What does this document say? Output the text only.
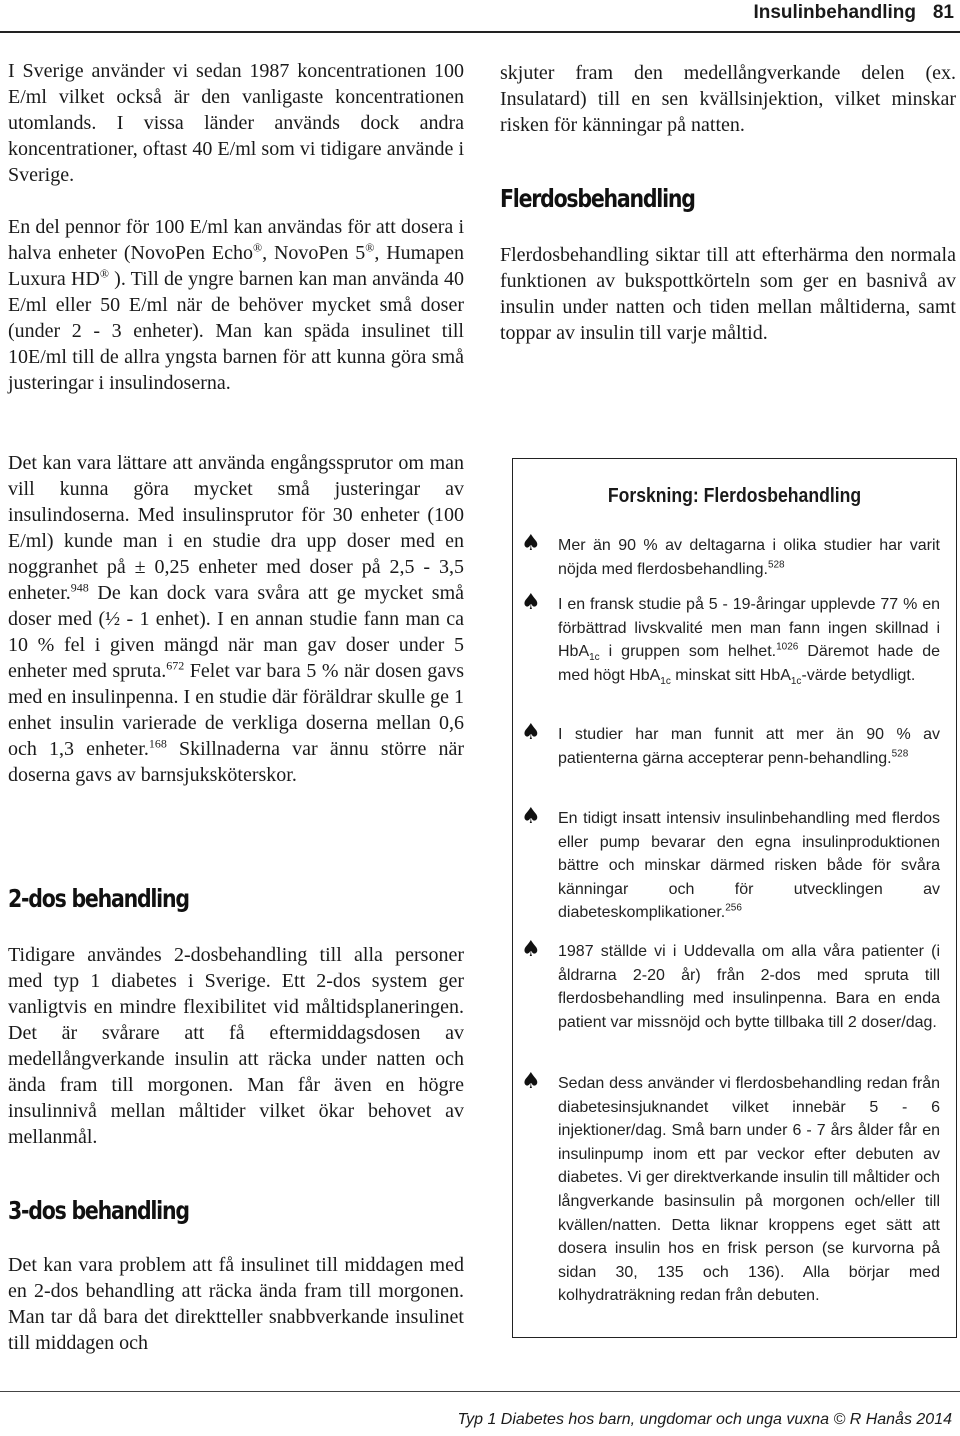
Insulinbehandling 81

I Sverige använder vi sedan 1987 koncentrationen 100 E/ml vilket också är den vanligaste koncentrationen utomlands. I vissa länder används dock andra koncentrationer, oftast 40 E/ml som vi tidigare använde i Sverige.

En del pennor för 100 E/ml kan användas för att dosera i halva enheter (NovoPen Echo®, NovoPen 5®, Humapen Luxura HD® ). Till de yngre barnen kan man använda 40 E/ml eller 50 E/ml när de behöver mycket små doser (under 2 - 3 enheter). Man kan späda insulinet till 10E/ml till de allra yngsta barnen för att kunna göra små justeringar i insulindoserna.

Det kan vara lättare att använda engångssprutor om man vill kunna göra mycket små justeringar av insulindoserna. Med insulinsprutor för 30 enheter (100 E/ml) kunde man i en studie dra upp doser med en noggranhet på ± 0,25 enheter med doser på 2,5 - 3,5 enheter.$^{948}$ De kan dock vara svåra att ge mycket små doser med (½ - 1 enhet). I en annan studie fann man ca 10 % fel i given mängd när man gav doser under 5 enheter med spruta.$^{672}$ Felet var bara 5 % när dosen gavs med en insulinpenna. I en studie där föräldrar skulle ge 1 enhet insulin varierade de verkliga doserna mellan 0,6 och 1,3 enheter.$^{168}$ Skillnaderna var ännu större när doserna gavs av barnsjuksköterskor.

2-dos behandling

Tidigare användes 2-dosbehandling till alla personer med typ 1 diabetes i Sverige. Ett 2-dos system ger vanligtvis en mindre flexibilitet vid måltidsplaneringen. Det är svårare att få eftermiddagsdosen av medellångverkande insulin att räcka under natten och ända fram till morgonen. Man får även en högre insulinnivå mellan måltider vilket ökar behovet av mellanmål.

3-dos behandling

Det kan vara problem att få insulinet till middagen med en 2-dos behandling att räcka ända fram till morgonen. Man tar då bara det direktteller snabbverkande insulinet till middagen och

skjuter fram den medellångverkande delen (ex. Insulatard) till en sen kvällsinjektion, vilket minskar risken för känningar på natten.

Flerdosbehandling

Flerdosbehandling siktar till att efterhärma den normala funktionen av bukspottkörteln som ger en basnivå av insulin under natten och tiden mellan måltiderna, samt toppar av insulin till varje måltid.

Forskning: Flerdosbehandling
♠ Mer än 90 % av deltagarna i olika studier har varit nöjda med flerdosbehandling.$^{528}$

♠ I en fransk studie på 5 - 19-åringar upplevde 77 % en förbättrad livskvalité men man fann ingen skillnad i HbA$_{1c}$ i gruppen som helhet.$^{1026}$ Däremot hade de med högt HbA$_{1c}$ minskat sitt HbA$_{1c}$-värde betydligt.

♠ I studier har man funnit att mer än 90 % av patienterna gärna accepterar penn-behandling.$^{528}$

♠ En tidigt insatt intensiv insulinbehandling med flerdos eller pump bevarar den egna insulinproduktionen bättre och minskar därmed risken både för svåra känningar och för utvecklingen av diabeteskomplikationer.$^{256}$

♠ 1987 ställde vi i Uddevalla om alla våra patienter (i åldrarna 2-20 år) från 2-dos med spruta till flerdosbehandling med insulinpenna. Bara en enda patient var missnöjd och bytte tillbaka till 2 doser/dag.

♠ Sedan dess använder vi flerdosbehandling redan från diabetesinsjuknandet vilket innebär 5 - 6 injektioner/dag. Små barn under 6 - 7 års ålder får en insulinpump inom ett par veckor efter debuten av diabetes. Vi ger direktverkande insulin till måltider och långverkande basinsulin på morgonen och/eller till kvällen/natten. Detta liknar kroppens eget sätt att dosera insulin hos en frisk person (se kurvorna på sidan 30, 135 och 136). Alla börjar med kolhydraträkning redan från debuten.

Typ 1 Diabetes hos barn, ungdomar och unga vuxna © R Hanås 2014
